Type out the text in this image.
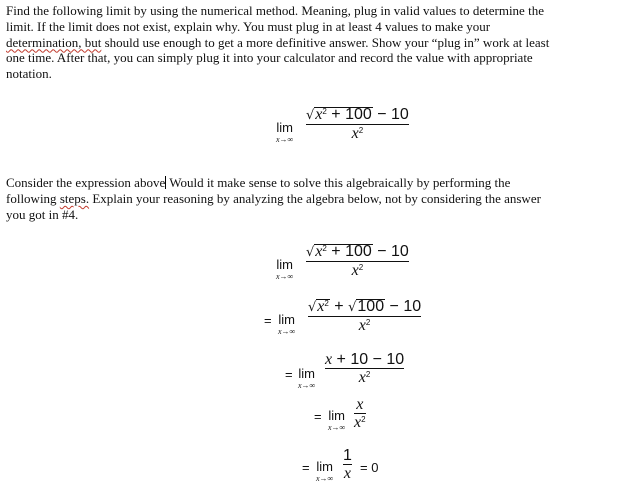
Find the following limit by using the numerical method. Meaning, plug in valid values to determine the
limit. If the limit does not exist, explain why. You must plug in at least 4 values to make your
determination, but should use enough to get a more definitive answer. Show your “plug in” work at least
one time. After that, you can simply plug it into your calculator and record the value with appropriate
notation.
lim
x→∞
$√x^2 + 100 - 10$
$x^2$
Consider the expression above Would it make sense to solve this algebraically by performing the
following steps. Explain your reasoning by analyzing the algebra below, not by considering the answer
you got in #4.
lim
x→∞
$√x^2 + 100 - 10$
$x^2$
= lim
x→∞
$√x^2 + √100 - 10$
$x^2$
= lim
x→∞
x + 10 − 10
$x^2$
= lim
x→∞
x
$x^2$
= lim
x→∞
1
x = 0
